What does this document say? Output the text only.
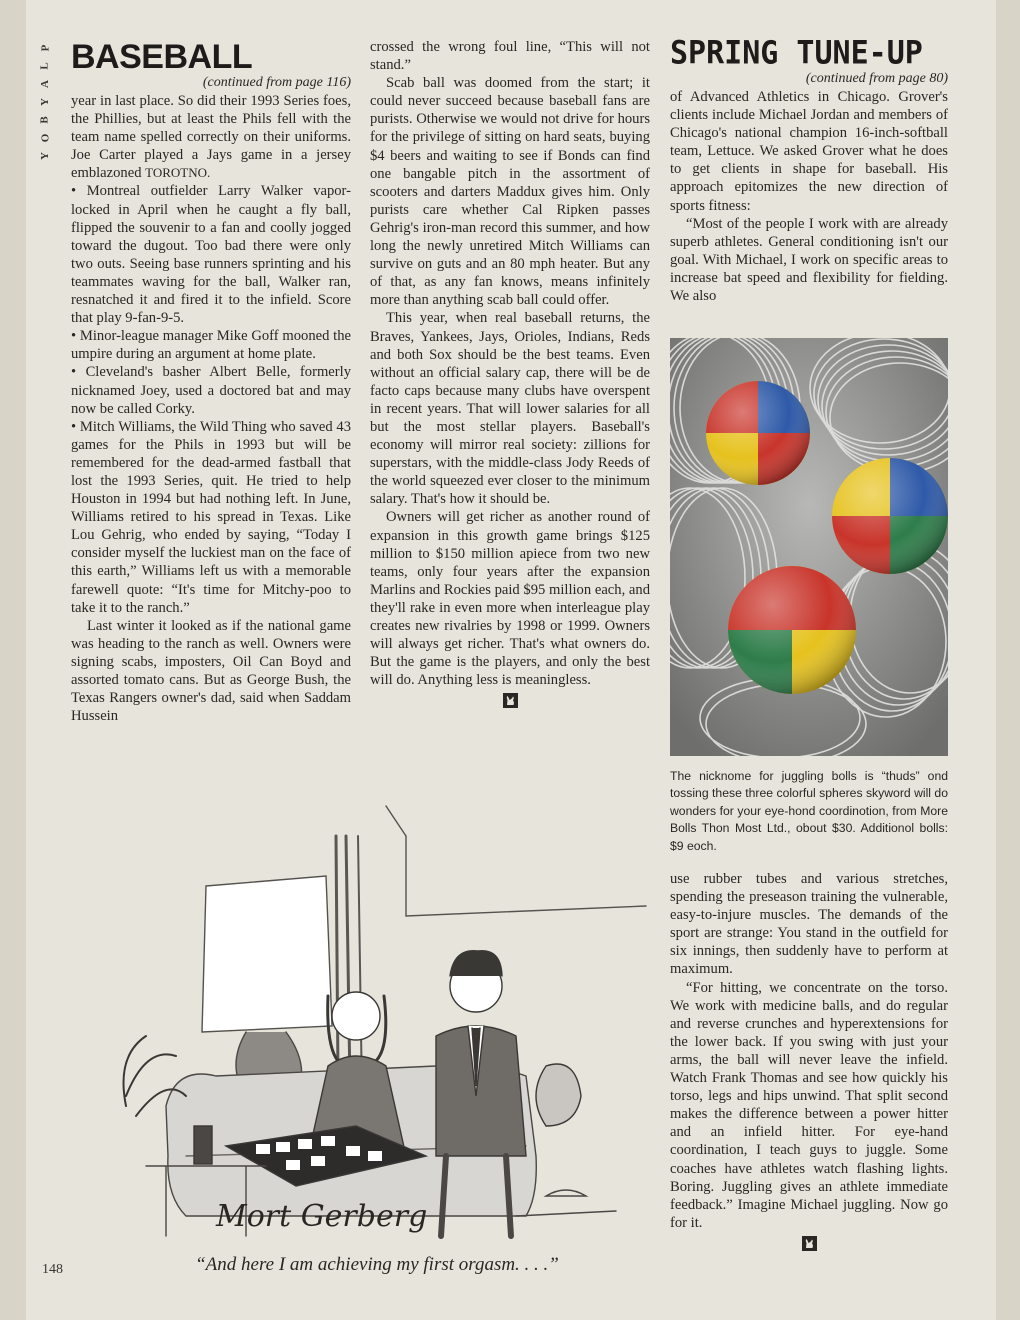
P
L
A
Y
B
O
Y
BASEBALL

(continued from page 116)

year in last place. So did their 1993 Series foes, the Phillies, but at least the Phils fell with the team name spelled correctly on their uniforms. Joe Carter played a Jays game in a jersey emblazoned TOROTNO.

• Montreal outfielder Larry Walker vapor-locked in April when he caught a fly ball, flipped the souvenir to a fan and coolly jogged toward the dugout. Too bad there were only two outs. Seeing base runners sprinting and his teammates waving for the ball, Walker ran, resnatched it and fired it to the infield. Score that play 9-fan-9-5.

• Minor-league manager Mike Goff mooned the umpire during an argument at home plate.

• Cleveland's basher Albert Belle, formerly nicknamed Joey, used a doctored bat and may now be called Corky.

• Mitch Williams, the Wild Thing who saved 43 games for the Phils in 1993 but will be remembered for the dead-armed fastball that lost the 1993 Series, quit. He tried to help Houston in 1994 but had nothing left. In June, Williams retired to his spread in Texas. Like Lou Gehrig, who ended by saying, “Today I consider myself the luckiest man on the face of this earth,” Williams left us with a memorable farewell quote: “It's time for Mitchy-poo to take it to the ranch.”

Last winter it looked as if the national game was heading to the ranch as well. Owners were signing scabs, imposters, Oil Can Boyd and assorted tomato cans. But as George Bush, the Texas Rangers owner's dad, said when Saddam Hussein

crossed the wrong foul line, “This will not stand.”

Scab ball was doomed from the start; it could never succeed because baseball fans are purists. Otherwise we would not drive for hours for the privilege of sitting on hard seats, buying $4 beers and waiting to see if Bonds can find one bangable pitch in the assortment of scooters and darters Maddux gives him. Only purists care whether Cal Ripken passes Gehrig's iron-man record this summer, and how long the newly unretired Mitch Williams can survive on guts and an 80 mph heater. But any of that, as any fan knows, means infinitely more than anything scab ball could offer.

This year, when real baseball returns, the Braves, Yankees, Jays, Orioles, Indians, Reds and both Sox should be the best teams. Even without an official salary cap, there will be de facto caps because many clubs have overspent in recent years. That will lower salaries for all but the most stellar players. Baseball's economy will mirror real society: zillions for superstars, with the middle-class Jody Reeds of the world squeezed ever closer to the minimum salary. That's how it should be.

Owners will get richer as another round of expansion in this growth game brings $125 million to $150 million apiece from two new teams, only four years after the expansion Marlins and Rockies paid $95 million each, and they'll rake in even more when interleague play creates new rivalries by 1998 or 1999. Owners will always get richer. That's what owners do. But the game is the players, and only the best will do. Anything less is meaningless.

SPRING TUNE-UP

(continued from page 80)

of Advanced Athletics in Chicago. Grover's clients include Michael Jordan and members of Chicago's national champion 16-inch-softball team, Lettuce. We asked Grover what he does to get clients in shape for baseball. His approach epitomizes the new direction of sports fitness:

“Most of the people I work with are already superb athletes. General conditioning isn't our goal. With Michael, I work on specific areas to increase bat speed and flexibility for fielding. We also

The nicknome for juggling bolls is “thuds” ond tossing these three colorful spheres skyword will do wonders for your eye-hond coordinotion, from More Bolls Thon Most Ltd., obout $30. Additionol bolls: $9 eoch.

use rubber tubes and various stretches, spending the preseason training the vulnerable, easy-to-injure muscles. The demands of the sport are strange: You stand in the outfield for six innings, then suddenly have to perform at maximum.

“For hitting, we concentrate on the torso. We work with medicine balls, and do regular and reverse crunches and hyperextensions for the lower back. If you swing with just your arms, the ball will never leave the infield. Watch Frank Thomas and see how quickly his torso, legs and hips unwind. That split second makes the difference between a power hitter and an infield hitter. For eye-hand coordination, I teach guys to juggle. Some coaches have athletes watch flashing lights. Boring. Juggling gives an athlete immediate feedback.” Imagine Michael juggling. Now go for it.

Mort Gerberg
“And here I am achieving my first orgasm. . . .”
148
